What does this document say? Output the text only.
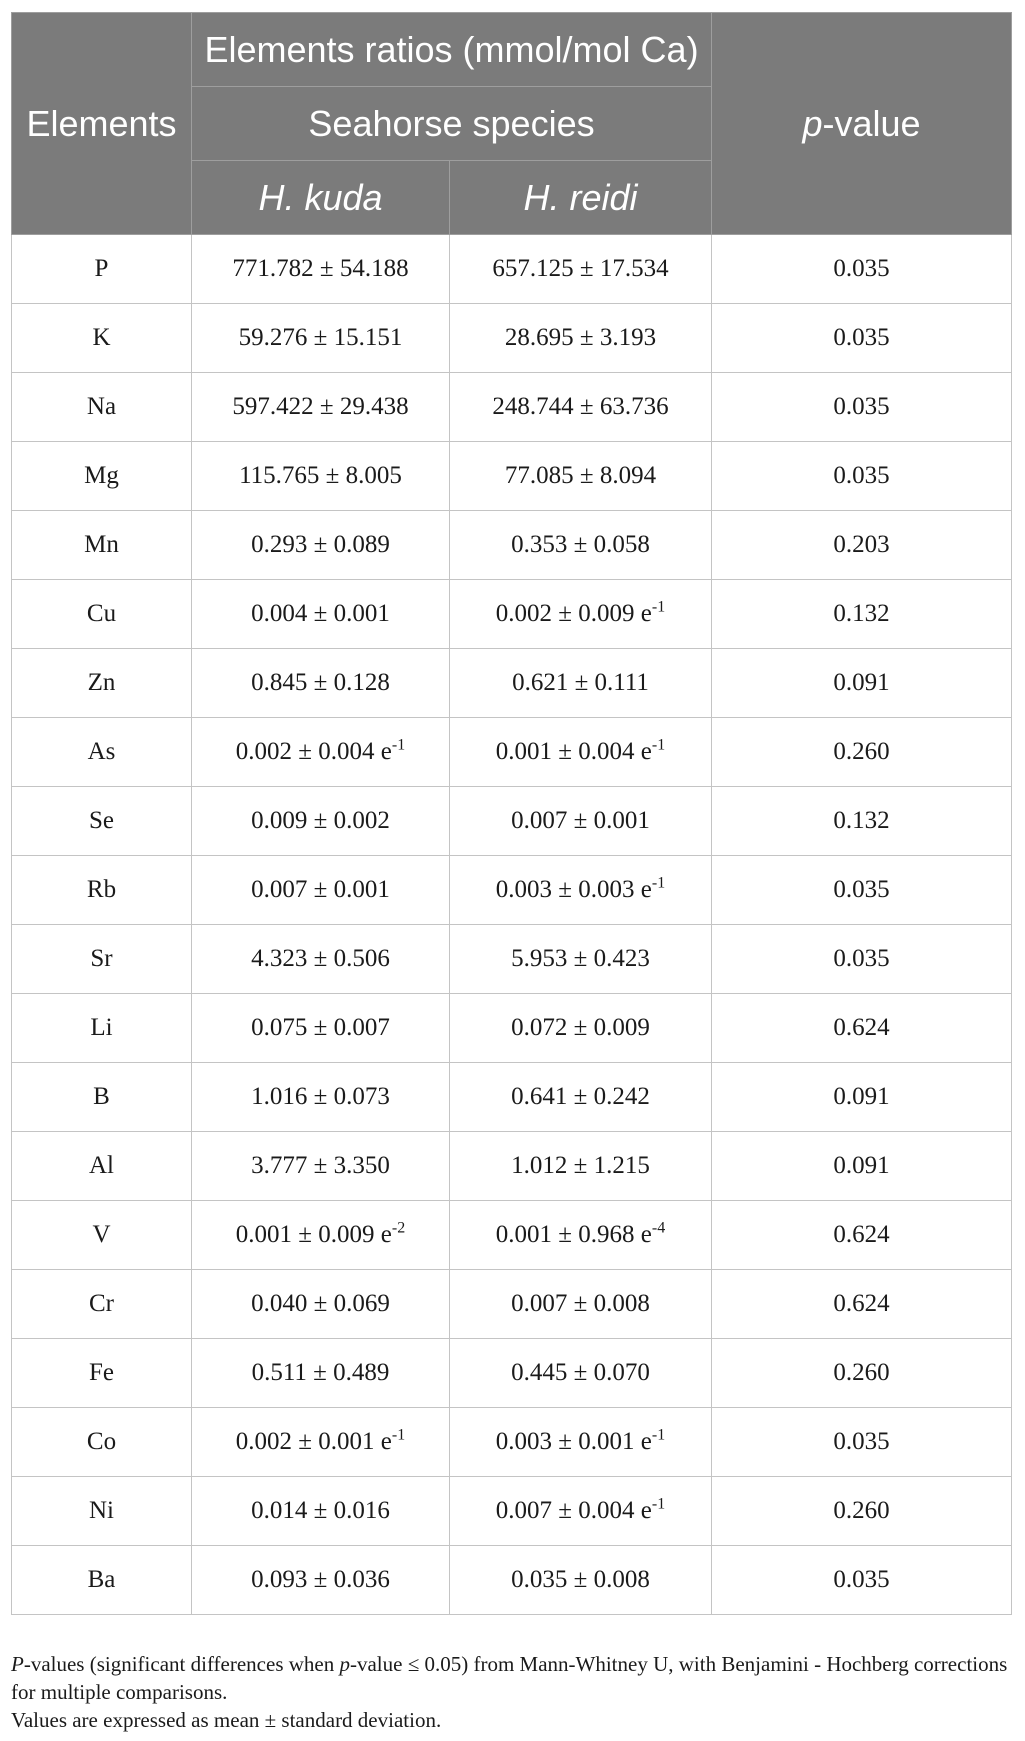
Elements	Elements ratios (mmol/mol Ca)		p-value
	Seahorse species		
	H. kuda	H. reidi	
P	771.782 ± 54.188	657.125 ± 17.534	0.035
K	59.276 ± 15.151	28.695 ± 3.193	0.035
Na	597.422 ± 29.438	248.744 ± 63.736	0.035
Mg	115.765 ± 8.005	77.085 ± 8.094	0.035
Mn	0.293 ± 0.089	0.353 ± 0.058	0.203
Cu	0.004 ± 0.001	0.002 ± 0.009 $e^{-1}$	0.132
Zn	0.845 ± 0.128	0.621 ± 0.111	0.091
As	0.002 ± 0.004 $e^{-1}$	0.001 ± 0.004 $e^{-1}$	0.260
Se	0.009 ± 0.002	0.007 ± 0.001	0.132
Rb	0.007 ± 0.001	0.003 ± 0.003 $e^{-1}$	0.035
Sr	4.323 ± 0.506	5.953 ± 0.423	0.035
Li	0.075 ± 0.007	0.072 ± 0.009	0.624
B	1.016 ± 0.073	0.641 ± 0.242	0.091
Al	3.777 ± 3.350	1.012 ± 1.215	0.091
V	0.001 ± 0.009 $e^{-2}$	0.001 ± 0.968 $e^{-4}$	0.624
Cr	0.040 ± 0.069	0.007 ± 0.008	0.624
Fe	0.511 ± 0.489	0.445 ± 0.070	0.260
Co	0.002 ± 0.001 $e^{-1}$	0.003 ± 0.001 $e^{-1}$	0.035
Ni	0.014 ± 0.016	0.007 ± 0.004 $e^{-1}$	0.260
Ba	0.093 ± 0.036	0.035 ± 0.008	0.035

P-values (significant differences when p-value ≤ 0.05) from Mann-Whitney U, with Benjamini - Hochberg corrections for multiple comparisons.

Values are expressed as mean ± standard deviation.
